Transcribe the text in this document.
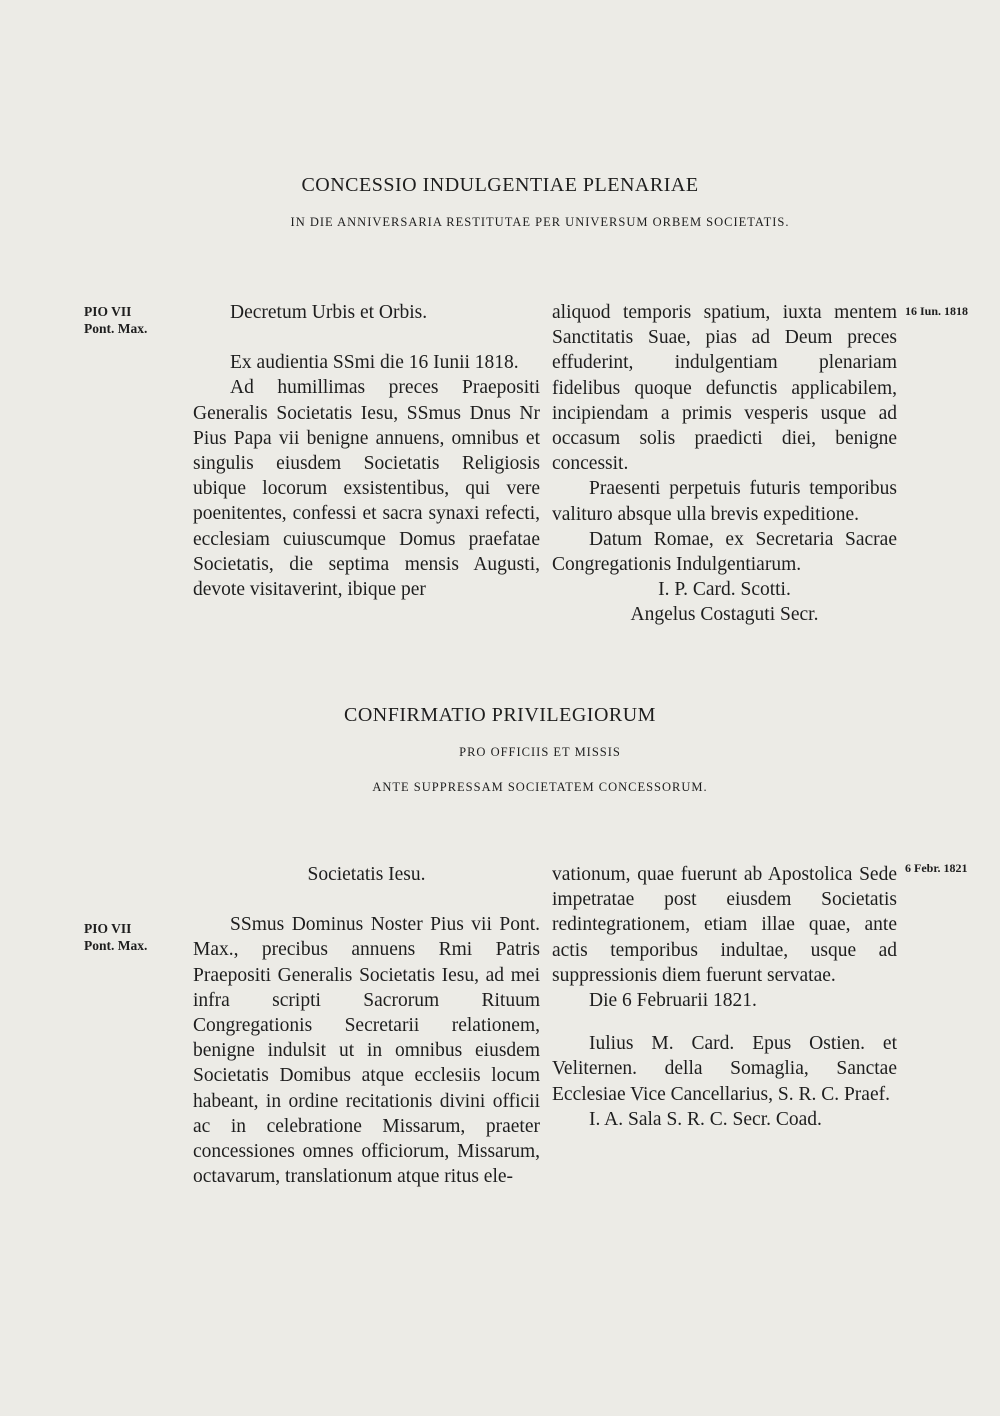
CONCESSIO INDULGENTIAE PLENARIAE
IN DIE ANNIVERSARIA RESTITUTAE PER UNIVERSUM ORBEM SOCIETATIS.
PIO VII
Pont. Max.
16 Iun. 1818

Decretum Urbis et Orbis.

Ex audientia SSmi die 16 Iunii 1818.

Ad humillimas preces Praepositi Generalis Societatis Iesu, SSmus Dnus Nr Pius Papa vii benigne annuens, omnibus et singulis eiusdem Societatis Religiosis ubique locorum exsistentibus, qui vere poenitentes, confessi et sacra synaxi refecti, ecclesiam cuiuscumque Domus praefatae Societatis, die septima mensis Augusti, devote visitaverint, ibique per

aliquod temporis spatium, iuxta mentem Sanctitatis Suae, pias ad Deum preces effuderint, indulgentiam plenariam fidelibus quoque defunctis applicabilem, incipiendam a primis vesperis usque ad occasum solis praedicti diei, benigne concessit.

Praesenti perpetuis futuris temporibus valituro absque ulla brevis expeditione.

Datum Romae, ex Secretaria Sacrae Congregationis Indulgentiarum.

I. P. Card. Scotti.

Angelus Costaguti Secr.

CONFIRMATIO PRIVILEGIORUM
PRO OFFICIIS ET MISSIS
ANTE SUPPRESSAM SOCIETATEM CONCESSORUM.
PIO VII
Pont. Max.
6 Febr. 1821

Societatis Iesu.

SSmus Dominus Noster Pius vii Pont. Max., precibus annuens Rmi Patris Praepositi Generalis Societatis Iesu, ad mei infra scripti Sacrorum Rituum Congregationis Secretarii relationem, benigne indulsit ut in omnibus eiusdem Societatis Domibus atque ecclesiis locum habeant, in ordine recitationis divini officii ac in celebratione Missarum, praeter concessiones omnes officiorum, Missarum, octavarum, translationum atque ritus ele-

vationum, quae fuerunt ab Apostolica Sede impetratae post eiusdem Societatis redintegrationem, etiam illae quae, ante actis temporibus indultae, usque ad suppressionis diem fuerunt servatae.

Die 6 Februarii 1821.

Iulius M. Card. Epus Ostien. et Veliternen. della Somaglia, Sanctae Ecclesiae Vice Cancellarius, S. R. C. Praef.

I. A. Sala S. R. C. Secr. Coad.
